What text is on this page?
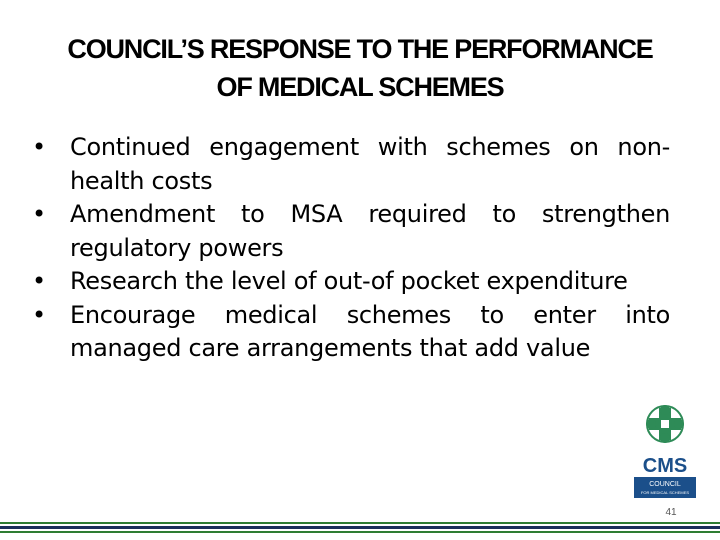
COUNCIL’S RESPONSE TO THE PERFORMANCE
OF MEDICAL SCHEMES
• Continued engagement with schemes on non-health costs
• Amendment to MSA required to strengthen regulatory powers
• Research the level of out-of pocket expenditure
• Encourage medical schemes to enter into managed care arrangements that add value
CMS
COUNCIL
FOR MEDICAL SCHEMES
41
